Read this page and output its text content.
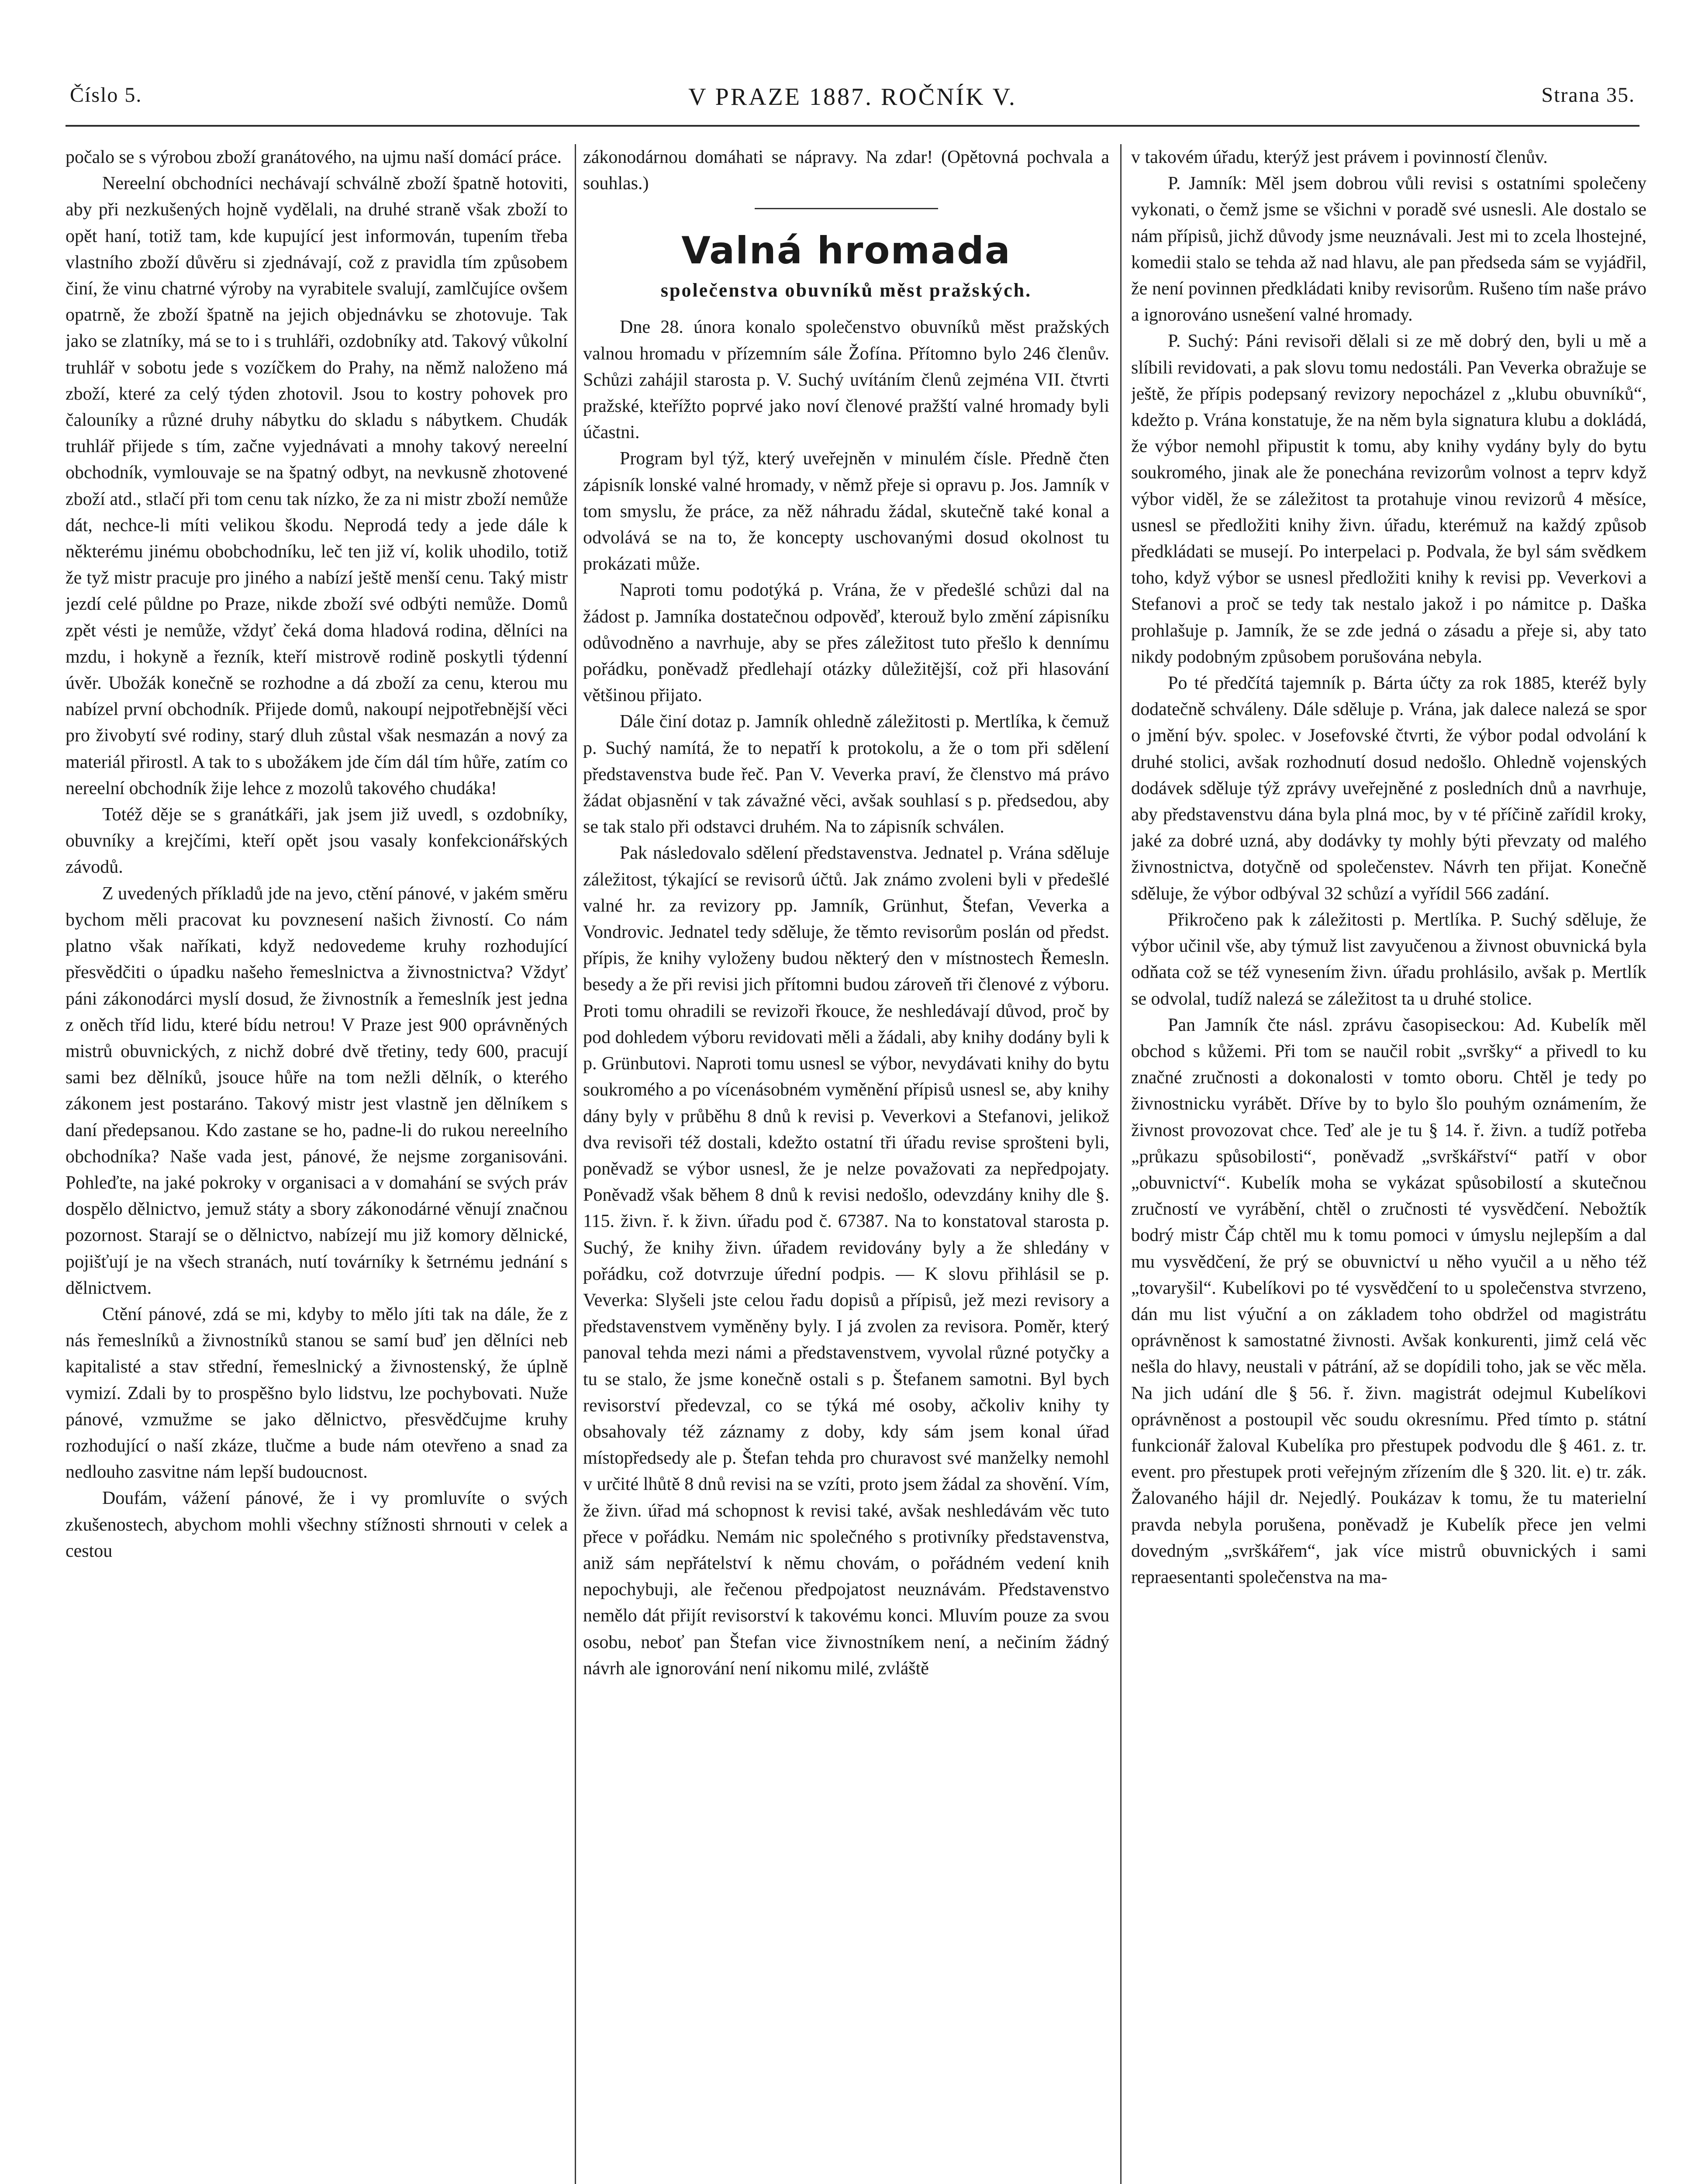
Číslo 5.	V PRAZE 1887. ROČNÍK V.	Strana 35.

počalo se s výrobou zboží granátového, na ujmu naší domácí práce.

Nereelní obchodníci nechávají schválně zboží špatně hotoviti, aby při nezkušených hojně vydělali, na druhé straně však zboží to opět haní, totiž tam, kde kupující jest informován, tupením třeba vlastního zboží důvěru si zjednávají, což z pravidla tím způsobem činí, že vinu chatrné výroby na vyrabitele svalují, zamlčujíce ovšem opatrně, že zboží špatně na jejich objednávku se zhotovuje. Tak jako se zlatníky, má se to i s truhláři, ozdobníky atd. Takový vůkolní truhlář v sobotu jede s vozíčkem do Prahy, na němž naloženo má zboží, které za celý týden zhotovil. Jsou to kostry pohovek pro čalouníky a různé druhy nábytku do skladu s nábytkem. Chudák truhlář přijede s tím, začne vyjednávati a mnohy takový nereelní obchodník, vymlouvaje se na špatný odbyt, na nevkusně zhotovené zboží atd., stlačí při tom cenu tak nízko, že za ni mistr zboží nemůže dát, nechce-li míti velikou škodu. Neprodá tedy a jede dále k některému jinému obobchodníku, leč ten již ví, kolik uhodilo, totiž že tyž mistr pracuje pro jiného a nabízí ještě menší cenu. Taký mistr jezdí celé půldne po Praze, nikde zboží své odbýti nemůže. Domů zpět vésti je nemůže, vždyť čeká doma hladová rodina, dělníci na mzdu, i hokyně a řezník, kteří mistrově rodině poskytli týdenní úvěr. Ubožák konečně se rozhodne a dá zboží za cenu, kterou mu nabízel první obchodník. Přijede domů, nakoupí nejpotřebnější věci pro živobytí své rodiny, starý dluh zůstal však nesmazán a nový za materiál přirostl. A tak to s ubožákem jde čím dál tím hůře, zatím co nereelní obchodník žije lehce z mozolů takového chudáka!

Totéž děje se s granátkáři, jak jsem již uvedl, s ozdobníky, obuvníky a krejčími, kteří opět jsou vasaly konfekcionářských závodů.

Z uvedených příkladů jde na jevo, ctění pánové, v jakém směru bychom měli pracovat ku povznesení našich živností. Co nám platno však naříkati, když nedovedeme kruhy rozhodující přesvědčiti o úpadku našeho řemeslnictva a živnostnictva? Vždyť páni zákonodárci myslí dosud, že živnostník a řemeslník jest jedna z oněch tříd lidu, které bídu netrou! V Praze jest 900 oprávněných mistrů obuvnických, z nichž dobré dvě třetiny, tedy 600, pracují sami bez dělníků, jsouce hůře na tom nežli dělník, o kterého zákonem jest postaráno. Takový mistr jest vlastně jen dělníkem s daní předepsanou. Kdo zastane se ho, padne-li do rukou nereelního obchodníka? Naše vada jest, pánové, že nejsme zorganisováni. Pohleďte, na jaké pokroky v organisaci a v domahání se svých práv dospělo dělnictvo, jemuž státy a sbory zákonodárné věnují značnou pozornost. Starají se o dělnictvo, nabízejí mu již komory dělnické, pojišťují je na všech stranách, nutí továrníky k šetrnému jednání s dělnictvem.

Ctění pánové, zdá se mi, kdyby to mělo jíti tak na dále, že z nás řemeslníků a živnostníků stanou se samí buď jen dělníci neb kapitalisté a stav střední, řemeslnický a živnostenský, že úplně vymizí. Zdali by to prospěšno bylo lidstvu, lze pochybovati. Nuže pánové, vzmužme se jako dělnictvo, přesvědčujme kruhy rozhodující o naší zkáze, tlučme a bude nám otevřeno a snad za nedlouho zasvitne nám lepší budoucnost.

Doufám, vážení pánové, že i vy promluvíte o svých zkušenostech, abychom mohli všechny stížnosti shrnouti v celek a cestou

zákonodárnou domáhati se nápravy. Na zdar! (Opětovná pochvala a souhlas.)

Valná hromada
společenstva obuvníků měst pražských.

Dne 28. února konalo společenstvo obuvníků měst pražských valnou hromadu v přízemním sále Žofína. Přítomno bylo 246 členův. Schůzi zahájil starosta p. V. Suchý uvítáním členů zejména VII. čtvrti pražské, kteřížto poprvé jako noví členové pražští valné hromady byli účastni.

Program byl týž, který uveřejněn v minulém čísle. Předně čten zápisník lonské valné hromady, v němž přeje si opravu p. Jos. Jamník v tom smyslu, že práce, za něž náhradu žádal, skutečně také konal a odvolává se na to, že koncepty uschovanými dosud okolnost tu prokázati může.

Naproti tomu podotýká p. Vrána, že v předešlé schůzi dal na žádost p. Jamníka dostatečnou odpověď, kterouž bylo změní zápisníku odůvodněno a navrhuje, aby se přes záležitost tuto přešlo k dennímu pořádku, poněvadž předlehají otázky důležitější, což při hlasování většinou přijato.

Dále činí dotaz p. Jamník ohledně záležitosti p. Mertlíka, k čemuž p. Suchý namítá, že to nepatří k protokolu, a že o tom při sdělení představenstva bude řeč. Pan V. Veverka praví, že členstvo má právo žádat objasnění v tak závažné věci, avšak souhlasí s p. předsedou, aby se tak stalo při odstavci druhém. Na to zápisník schválen.

Pak následovalo sdělení představenstva. Jednatel p. Vrána sděluje záležitost, týkající se revisorů účtů. Jak známo zvoleni byli v předešlé valné hr. za revizory pp. Jamník, Grünhut, Štefan, Veverka a Vondrovic. Jednatel tedy sděluje, že těmto revisorům poslán od předst. přípis, že knihy vyloženy budou některý den v místnostech Řemesln. besedy a že při revisi jich přítomni budou zároveň tři členové z výboru. Proti tomu ohradili se revizoři řkouce, že neshledávají důvod, proč by pod dohledem výboru revidovati měli a žádali, aby knihy dodány byli k p. Grünbutovi. Naproti tomu usnesl se výbor, nevydávati knihy do bytu soukromého a po vícenásobném vyměnění přípisů usnesl se, aby knihy dány byly v průběhu 8 dnů k revisi p. Veverkovi a Stefanovi, jelikož dva revisoři též dostali, kdežto ostatní tři úřadu revise sprošteni byli, poněvadž se výbor usnesl, že je nelze považovati za nepředpojaty. Poněvadž však během 8 dnů k revisi nedošlo, odevzdány knihy dle §. 115. živn. ř. k živn. úřadu pod č. 67387. Na to konstatoval starosta p. Suchý, že knihy živn. úřadem revidovány byly a že shledány v pořádku, což dotvrzuje úřední podpis. — K slovu přihlásil se p. Veverka: Slyšeli jste celou řadu dopisů a přípisů, jež mezi revisory a představenstvem vyměněny byly. I já zvolen za revisora. Poměr, který panoval tehda mezi námi a představenstvem, vyvolal různé potyčky a tu se stalo, že jsme konečně ostali s p. Štefanem samotni. Byl bych revisorství předevzal, co se týká mé osoby, ačkoliv knihy ty obsahovaly též záznamy z doby, kdy sám jsem konal úřad místopředsedy ale p. Štefan tehda pro churavost své manželky nemohl v určité lhůtě 8 dnů revisi na se vzíti, proto jsem žádal za shovění. Vím, že živn. úřad má schopnost k revisi také, avšak neshledávám věc tuto přece v pořádku. Nemám nic společného s protivníky představenstva, aniž sám nepřátelství k němu chovám, o pořádném vedení knih nepochybuji, ale řečenou předpojatost neuznávám. Představenstvo nemělo dát přijít revisorství k takovému konci. Mluvím pouze za svou osobu, neboť pan Štefan vice živnostníkem není, a nečiním žádný návrh ale ignorování není nikomu milé, zvláště

v takovém úřadu, kterýž jest právem i povinností členův.

P. Jamník: Měl jsem dobrou vůli revisi s ostatními společeny vykonati, o čemž jsme se všichni v poradě své usnesli. Ale dostalo se nám přípisů, jichž důvody jsme neuznávali. Jest mi to zcela lhostejné, komedii stalo se tehda až nad hlavu, ale pan předseda sám se vyjádřil, že není povinnen předkládati kniby revisorům. Rušeno tím naše právo a ignorováno usnešení valné hromady.

P. Suchý: Páni revisoři dělali si ze mě dobrý den, byli u mě a slíbili revidovati, a pak slovu tomu nedostáli. Pan Veverka obražuje se ještě, že přípis podepsaný revizory nepocházel z „klubu obuvníků“, kdežto p. Vrána konstatuje, že na něm byla signatura klubu a dokládá, že výbor nemohl připustit k tomu, aby knihy vydány byly do bytu soukromého, jinak ale že ponechána revizorům volnost a teprv když výbor viděl, že se záležitost ta protahuje vinou revizorů 4 měsíce, usnesl se předložiti knihy živn. úřadu, kterémuž na každý způsob předkládati se musejí. Po interpelaci p. Podvala, že byl sám svědkem toho, když výbor se usnesl předložiti knihy k revisi pp. Veverkovi a Stefanovi a proč se tedy tak nestalo jakož i po námitce p. Daška prohlašuje p. Jamník, že se zde jedná o zásadu a přeje si, aby tato nikdy podobným způsobem porušována nebyla.

Po té předčítá tajemník p. Bárta účty za rok 1885, kteréž byly dodatečně schváleny. Dále sděluje p. Vrána, jak dalece nalezá se spor o jmění býv. spolec. v Josefovské čtvrti, že výbor podal odvolání k druhé stolici, avšak rozhodnutí dosud nedošlo. Ohledně vojenských dodávek sděluje týž zprávy uveřejněné z posledních dnů a navrhuje, aby představenstvu dána byla plná moc, by v té příčině zařídil kroky, jaké za dobré uzná, aby dodávky ty mohly býti převzaty od malého živnostnictva, dotyčně od společenstev. Návrh ten přijat. Konečně sděluje, že výbor odbýval 32 schůzí a vyřídil 566 zadání.

Přikročeno pak k záležitosti p. Mertlíka. P. Suchý sděluje, že výbor učinil vše, aby týmuž list zavyučenou a živnost obuvnická byla odňata což se též vynesením živn. úřadu prohlásilo, avšak p. Mertlík se odvolal, tudíž nalezá se záležitost ta u druhé stolice.

Pan Jamník čte násl. zprávu časopiseckou: Ad. Kubelík měl obchod s kůžemi. Při tom se naučil robit „svršky“ a přivedl to ku značné zručnosti a dokonalosti v tomto oboru. Chtěl je tedy po živnostnicku vyrábět. Dříve by to bylo šlo pouhým oznámením, že živnost provozovat chce. Teď ale je tu § 14. ř. živn. a tudíž potřeba „průkazu spůsobilosti“, poněvadž „svrškářství“ patří v obor „obuvnictví“. Kubelík moha se vykázat spůsobilostí a skutečnou zručností ve vyrábění, chtěl o zručnosti té vysvědčení. Nebožtík bodrý mistr Čáp chtěl mu k tomu pomoci v úmyslu nejlepším a dal mu vysvědčení, že prý se obuvnictví u něho vyučil a u něho též „tovaryšil“. Kubelíkovi po té vysvědčení to u společenstva stvrzeno, dán mu list výuční a on základem toho obdržel od magistrátu oprávněnost k samostatné živnosti. Avšak konkurenti, jimž celá věc nešla do hlavy, neustali v pátrání, až se dopídili toho, jak se věc měla. Na jich udání dle § 56. ř. živn. magistrát odejmul Kubelíkovi oprávněnost a postoupil věc soudu okresnímu. Před tímto p. státní funkcionář žaloval Kubelíka pro přestupek podvodu dle § 461. z. tr. event. pro přestupek proti veřejným zřízením dle § 320. lit. e) tr. zák. Žalovaného hájil dr. Nejedlý. Poukázav k tomu, že tu materielní pravda nebyla porušena, poněvadž je Kubelík přece jen velmi dovedným „svrškářem“, jak více mistrů obuvnických i sami repraesentanti společenstva na ma-
